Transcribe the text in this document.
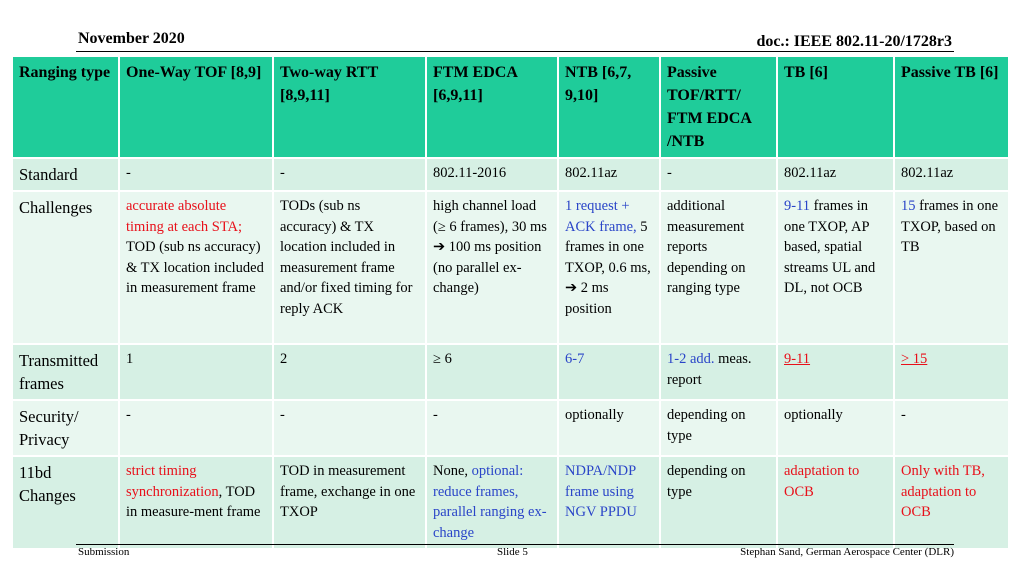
November 2020	doc.: IEEE 802.11-20/1728r3
Ranging type	One-Way TOF [8,9]	Two-way RTT [8,9,11]	FTM EDCA [6,9,11]	NTB [6,7, 9,10]	Passive TOF/RTT/ FTM EDCA /NTB	TB [6]	Passive TB [6]
Standard	-	-	802.11-2016	802.11az	-	802.11az	802.11az
Challenges	accurate absolute timing at each STA; TOD (sub ns accuracy) & TX location included in measurement frame	TODs (sub ns accuracy) & TX location included in measurement frame and/or fixed timing for reply ACK	high channel load (≥ 6 frames), 30 ms ➔ 100 ms position (no parallel ex-change)	1 request + ACK frame, 5 frames in one TXOP, 0.6 ms, ➔ 2 ms position	additional measurement reports depending on ranging type	9-11 frames in one TXOP, AP based, spatial streams UL and DL, not OCB	15 frames in one TXOP, based on TB
Transmitted frames	1	2	≥ 6	6-7	1-2 add. meas. report	9-11	> 15
Security/ Privacy	-	-	-	optionally	depending on type	optionally	-
11bd Changes	strict timing synchronization, TOD in measure-ment frame	TOD in measurement frame, exchange in one TXOP	None, optional: reduce frames, parallel ranging ex-change	NDPA/NDP frame using NGV PPDU	depending on type	adaptation to OCB	Only with TB, adaptation to OCB
Submission	Slide 5	Stephan Sand, German Aerospace Center (DLR)
